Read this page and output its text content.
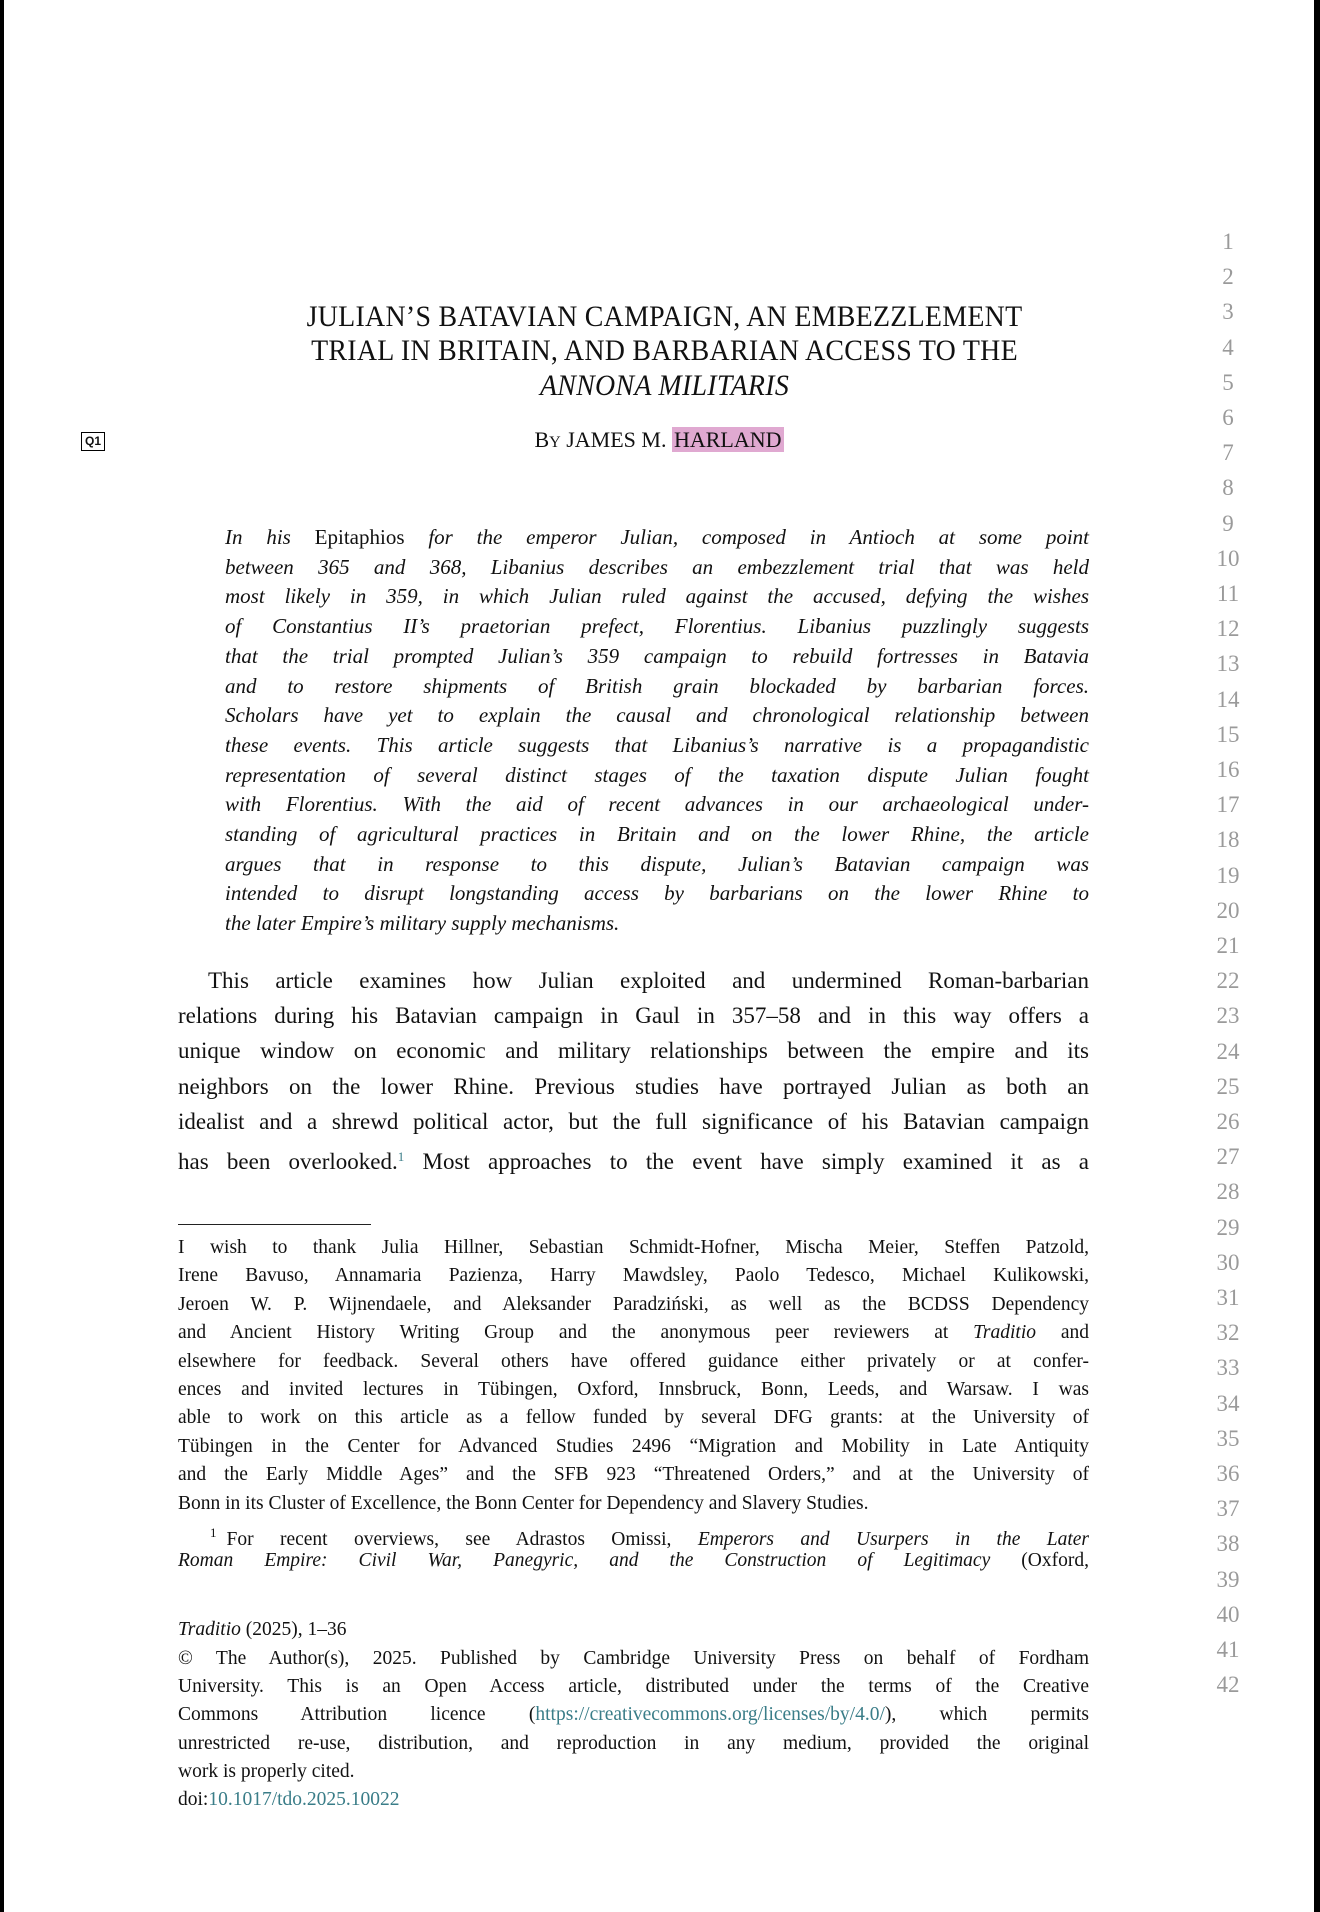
Q1
JULIAN’S BATAVIAN CAMPAIGN, AN EMBEZZLEMENT
TRIAL IN BRITAIN, AND BARBARIAN ACCESS TO THE
ANNONA MILITARIS
BY JAMES M. HARLAND
In his Epitaphios for the emperor Julian, composed in Antioch at some point
between 365 and 368, Libanius describes an embezzlement trial that was held
most likely in 359, in which Julian ruled against the accused, defying the wishes
of Constantius II’s praetorian prefect, Florentius. Libanius puzzlingly suggests
that the trial prompted Julian’s 359 campaign to rebuild fortresses in Batavia
and to restore shipments of British grain blockaded by barbarian forces.
Scholars have yet to explain the causal and chronological relationship between
these events. This article suggests that Libanius’s narrative is a propagandistic
representation of several distinct stages of the taxation dispute Julian fought
with Florentius. With the aid of recent advances in our archaeological under-
standing of agricultural practices in Britain and on the lower Rhine, the article
argues that in response to this dispute, Julian’s Batavian campaign was
intended to disrupt longstanding access by barbarians on the lower Rhine to
the later Empire’s military supply mechanisms.
This article examines how Julian exploited and undermined Roman-barbarian
relations during his Batavian campaign in Gaul in 357–58 and in this way offers a
unique window on economic and military relationships between the empire and its
neighbors on the lower Rhine. Previous studies have portrayed Julian as both an
idealist and a shrewd political actor, but the full significance of his Batavian campaign
has been overlooked.$^1$ Most approaches to the event have simply examined it as a
I wish to thank Julia Hillner, Sebastian Schmidt-Hofner, Mischa Meier, Steffen Patzold,
Irene Bavuso, Annamaria Pazienza, Harry Mawdsley, Paolo Tedesco, Michael Kulikowski,
Jeroen W. P. Wijnendaele, and Aleksander Paradziński, as well as the BCDSS Dependency
and Ancient History Writing Group and the anonymous peer reviewers at Traditio and
elsewhere for feedback. Several others have offered guidance either privately or at confer-
ences and invited lectures in Tübingen, Oxford, Innsbruck, Bonn, Leeds, and Warsaw. I was
able to work on this article as a fellow funded by several DFG grants: at the University of
Tübingen in the Center for Advanced Studies 2496 “Migration and Mobility in Late Antiquity
and the Early Middle Ages” and the SFB 923 “Threatened Orders,” and at the University of
Bonn in its Cluster of Excellence, the Bonn Center for Dependency and Slavery Studies.
$^1$ For recent overviews, see Adrastos Omissi, Emperors and Usurpers in the Later
Roman Empire: Civil War, Panegyric, and the Construction of Legitimacy (Oxford,
Traditio (2025), 1–36
© The Author(s), 2025. Published by Cambridge University Press on behalf of Fordham
University. This is an Open Access article, distributed under the terms of the Creative
Commons Attribution licence (https://creativecommons.org/licenses/by/4.0/), which permits
unrestricted re-use, distribution, and reproduction in any medium, provided the original
work is properly cited.
doi:10.1017/tdo.2025.10022
1
2
3
4
5
6
7
8
9
10
11
12
13
14
15
16
17
18
19
20
21
22
23
24
25
26
27
28
29
30
31
32
33
34
35
36
37
38
39
40
41
42
